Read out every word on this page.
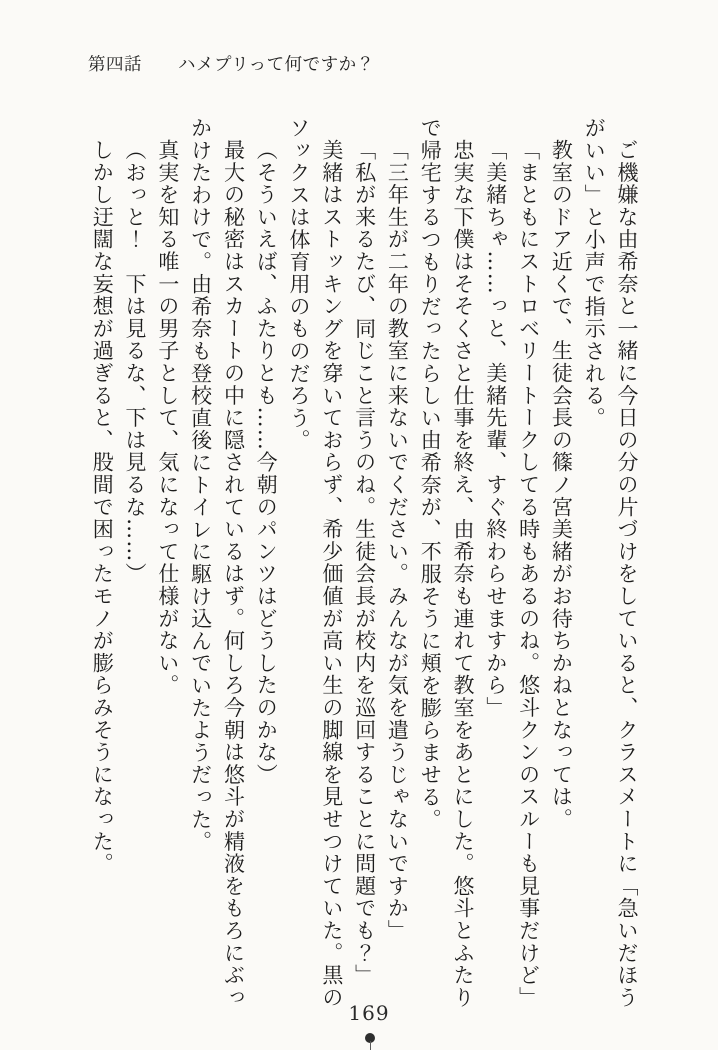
第四話　　ハメプリって何ですか？

ご機嫌な由希奈と一緒に今日の分の片づけをしていると、クラスメートに「急いだほうがいい」と小声で指示される。

教室のドア近くで、生徒会長の篠ノ宮美緒がお待ちかねとなっては。

「まともにストロベリートークしてる時もあるのね。悠斗クンのスルーも見事だけど」

「美緒ちゃ……っと、美緒先輩、すぐ終わらせますから」

忠実な下僕はそそくさと仕事を終え、由希奈も連れて教室をあとにした。悠斗とふたりで帰宅するつもりだったらしい由希奈が、不服そうに頬を膨らませる。

「三年生が二年の教室に来ないでください。みんなが気を遣うじゃないですか」

「私が来るたび、同じこと言うのね。生徒会長が校内を巡回することに問題でも？」

美緒はストッキングを穿いておらず、希少価値が高い生の脚線を見せつけていた。黒のソックスは体育用のものだろう。

（そういえば、ふたりとも……今朝のパンツはどうしたのかな）

最大の秘密はスカートの中に隠されているはず。何しろ今朝は悠斗が精液をもろにぶっかけたわけで。由希奈も登校直後にトイレに駆け込んでいたようだった。

真実を知る唯一の男子として、気になって仕様がない。

（おっと！　下は見るな、下は見るな……）

しかし迂闊な妄想が過ぎると、股間で困ったモノが膨らみそうになった。

169
